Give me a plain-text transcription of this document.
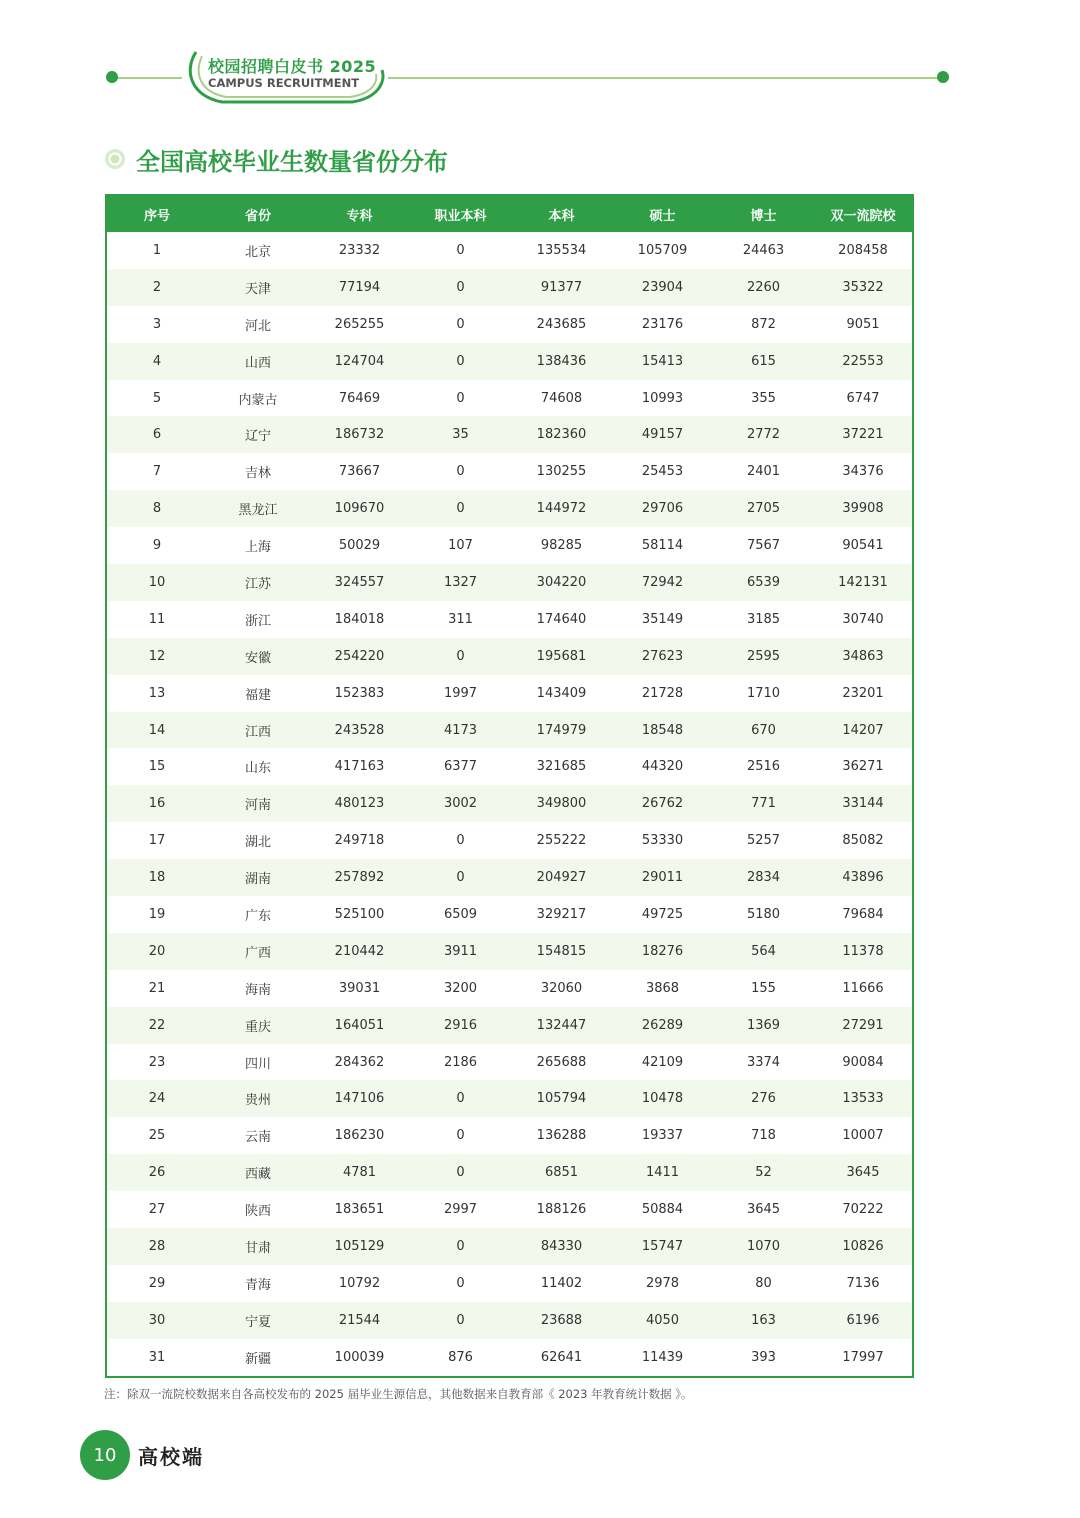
校园招聘白皮书 2025
CAMPUS RECRUITMENT
全国高校毕业生数量省份分布
序号	省份	专科	职业本科	本科	硕士	博士	双一流院校
1	北京	23332	0	135534	105709	24463	208458
2	天津	77194	0	91377	23904	2260	35322
3	河北	265255	0	243685	23176	872	9051
4	山西	124704	0	138436	15413	615	22553
5	内蒙古	76469	0	74608	10993	355	6747
6	辽宁	186732	35	182360	49157	2772	37221
7	吉林	73667	0	130255	25453	2401	34376
8	黑龙江	109670	0	144972	29706	2705	39908
9	上海	50029	107	98285	58114	7567	90541
10	江苏	324557	1327	304220	72942	6539	142131
11	浙江	184018	311	174640	35149	3185	30740
12	安徽	254220	0	195681	27623	2595	34863
13	福建	152383	1997	143409	21728	1710	23201
14	江西	243528	4173	174979	18548	670	14207
15	山东	417163	6377	321685	44320	2516	36271
16	河南	480123	3002	349800	26762	771	33144
17	湖北	249718	0	255222	53330	5257	85082
18	湖南	257892	0	204927	29011	2834	43896
19	广东	525100	6509	329217	49725	5180	79684
20	广西	210442	3911	154815	18276	564	11378
21	海南	39031	3200	32060	3868	155	11666
22	重庆	164051	2916	132447	26289	1369	27291
23	四川	284362	2186	265688	42109	3374	90084
24	贵州	147106	0	105794	10478	276	13533
25	云南	186230	0	136288	19337	718	10007
26	西藏	4781	0	6851	1411	52	3645
27	陕西	183651	2997	188126	50884	3645	70222
28	甘肃	105129	0	84330	15747	1070	10826
29	青海	10792	0	11402	2978	80	7136
30	宁夏	21544	0	23688	4050	163	6196
31	新疆	100039	876	62641	11439	393	17997
注：除双一流院校数据来自各高校发布的 2025 届毕业生源信息，其他数据来自教育部《 2023 年教育统计数据 》。
10	高校端
